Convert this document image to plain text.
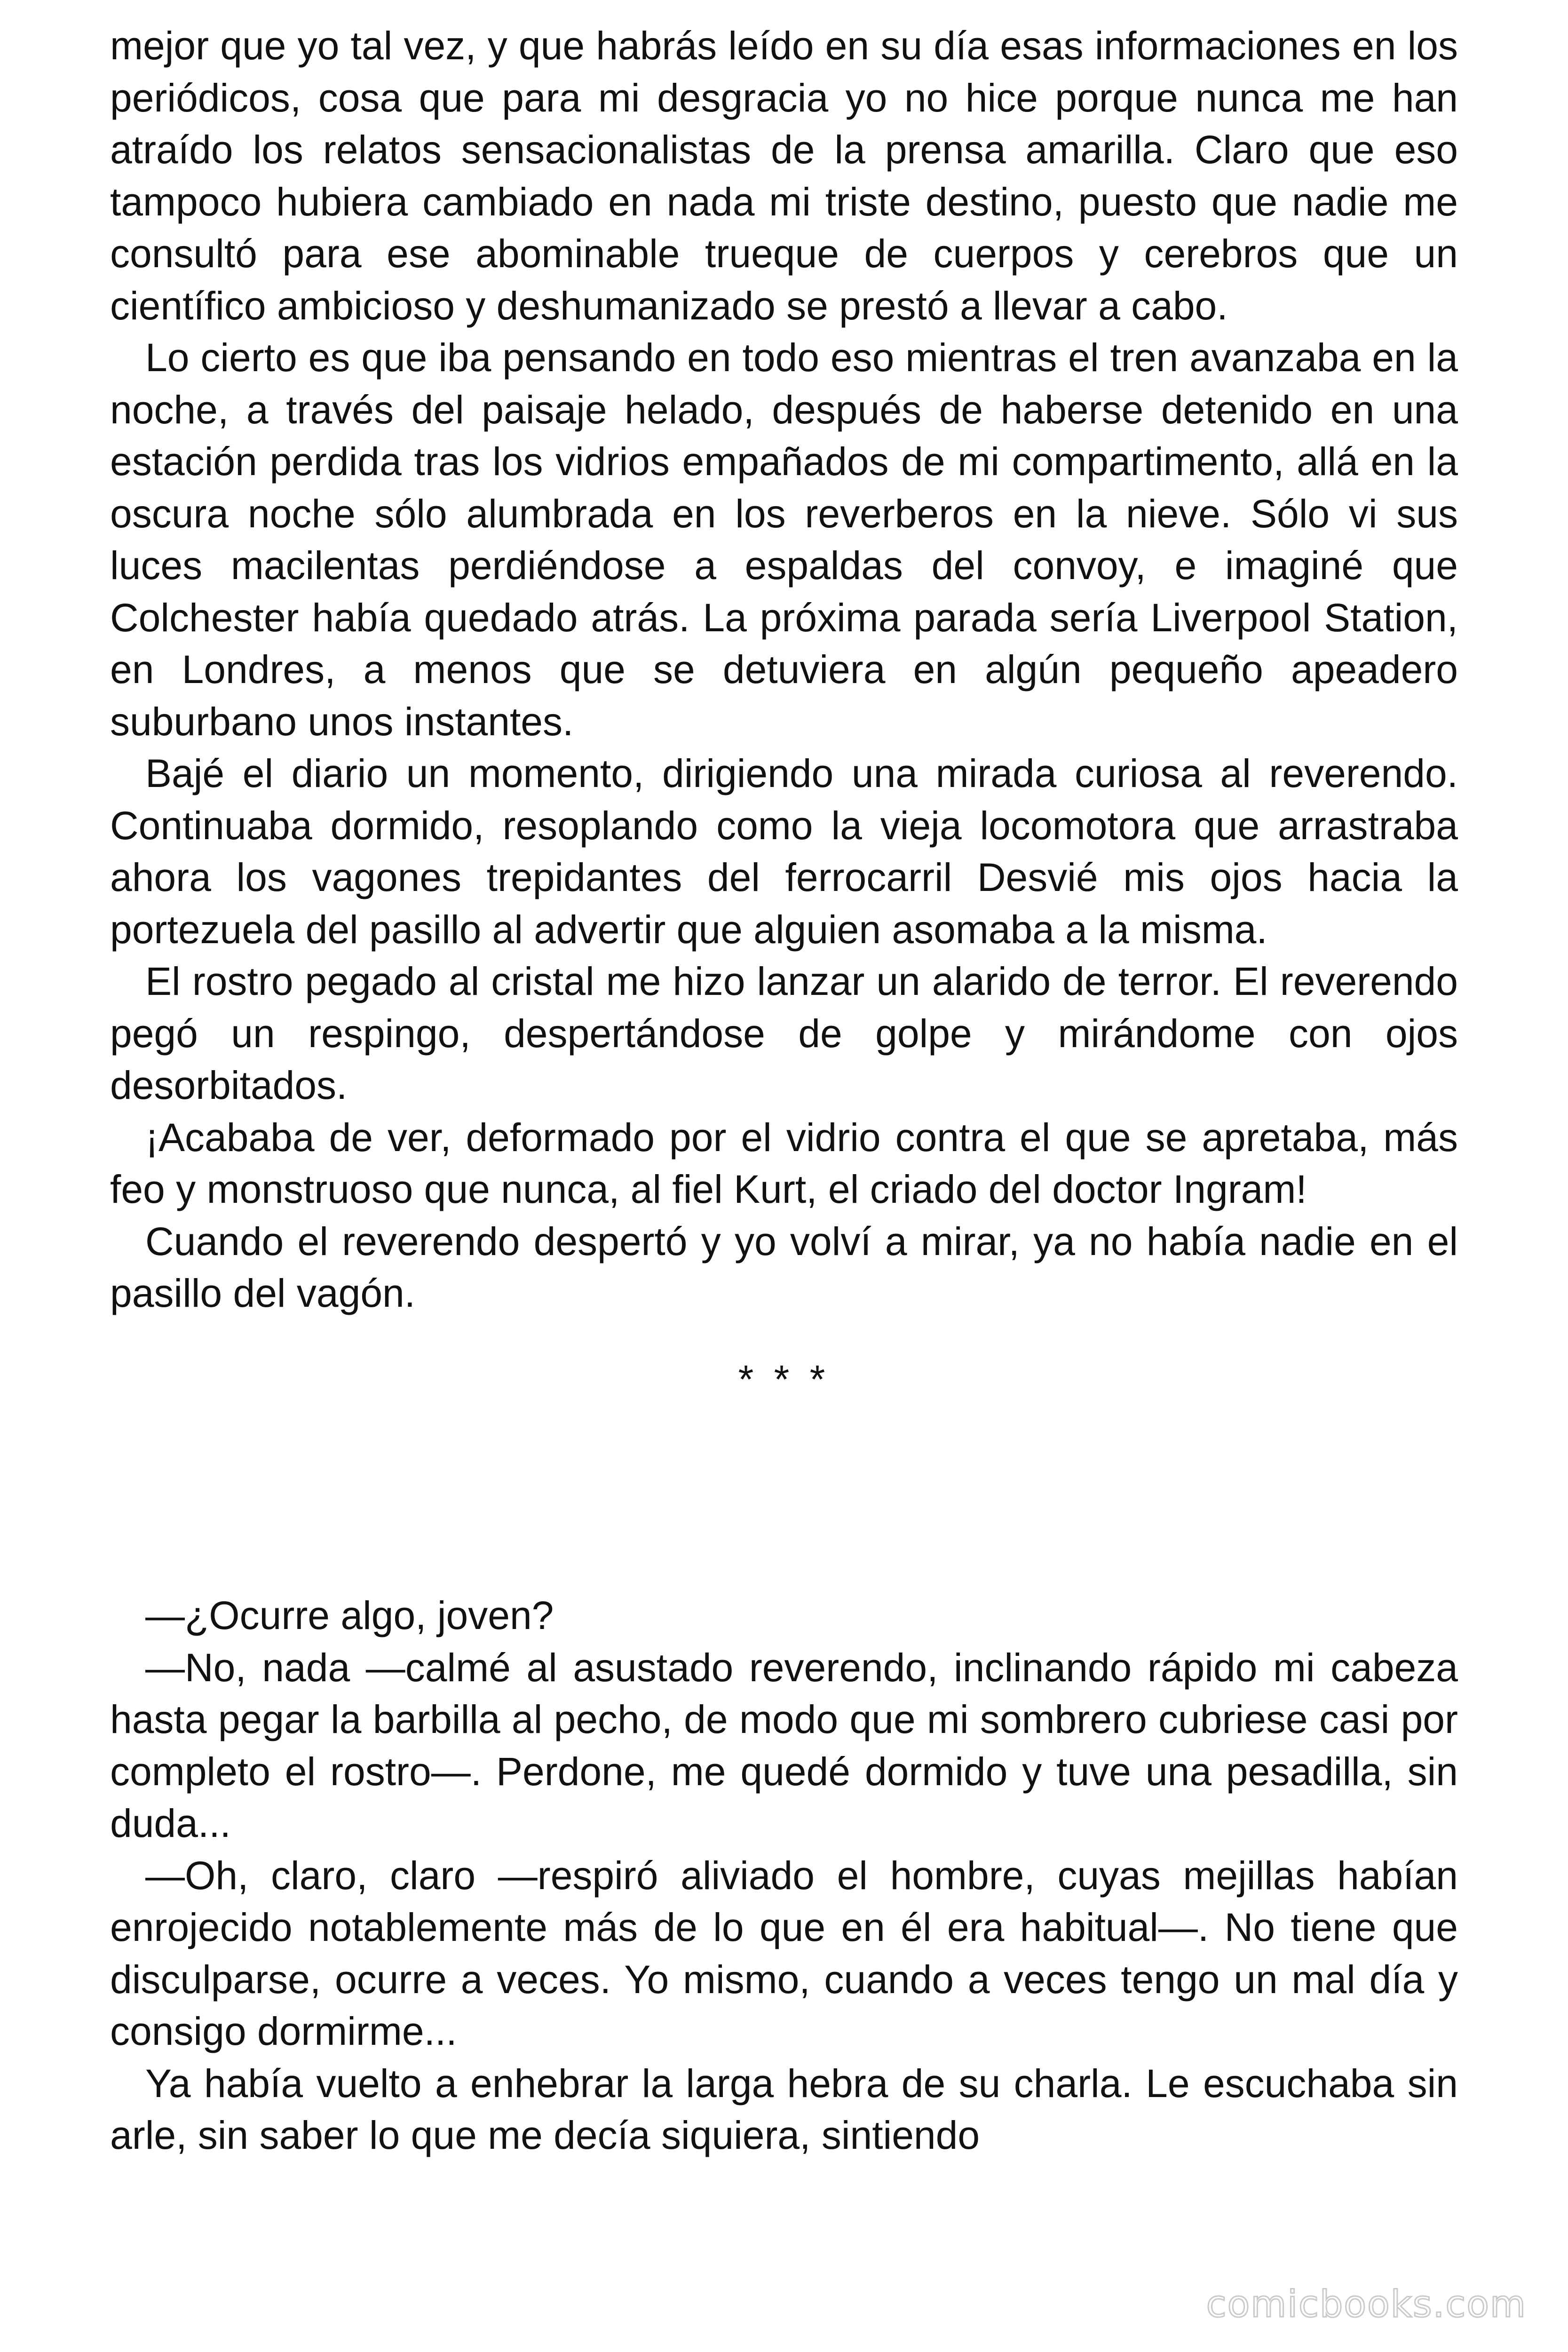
mejor que yo tal vez, y que habrás leído en su día esas informaciones en los periódicos, cosa que para mi desgracia yo no hice porque nunca me han atraído los relatos sensacionalistas de la prensa amarilla. Claro que eso tampoco hubiera cambiado en nada mi triste destino, puesto que nadie me consultó para ese abominable trueque de cuerpos y cerebros que un científico ambicioso y deshumanizado se prestó a llevar a cabo.

Lo cierto es que iba pensando en todo eso mientras el tren avanzaba en la noche, a través del paisaje helado, después de haberse detenido en una estación perdida tras los vidrios empañados de mi compartimento, allá en la oscura noche sólo alumbrada en los reverberos en la nieve. Sólo vi sus luces macilentas perdiéndose a espaldas del convoy, e imaginé que Colchester había quedado atrás. La próxima parada sería Liverpool Station, en Londres, a menos que se detuviera en algún pequeño apeadero suburbano unos instantes.

Bajé el diario un momento, dirigiendo una mirada curiosa al reverendo. Continuaba dormido, resoplando como la vieja locomotora que arrastraba ahora los vagones trepidantes del ferrocarril Desvié mis ojos hacia la portezuela del pasillo al advertir que alguien asomaba a la misma.

El rostro pegado al cristal me hizo lanzar un alarido de terror. El reverendo pegó un respingo, despertándose de golpe y mirándome con ojos desorbitados.

¡Acababa de ver, deformado por el vidrio contra el que se apretaba, más feo y monstruoso que nunca, al fiel Kurt, el criado del doctor Ingram!

Cuando el reverendo despertó y yo volví a mirar, ya no había nadie en el pasillo del vagón.

* * *

—¿Ocurre algo, joven?

—No, nada —calmé al asustado reverendo, inclinando rápido mi cabeza hasta pegar la barbilla al pecho, de modo que mi sombrero cubriese casi por completo el rostro—. Perdone, me quedé dormido y tuve una pesadilla, sin duda...

—Oh, claro, claro —respiró aliviado el hombre, cuyas mejillas habían enrojecido notablemente más de lo que en él era habitual—. No tiene que disculparse, ocurre a veces. Yo mismo, cuando a veces tengo un mal día y consigo dormirme...

Ya había vuelto a enhebrar la larga hebra de su charla. Le escuchaba sin arle, sin saber lo que me decía siquiera, sintiendo

comicbooks.com
